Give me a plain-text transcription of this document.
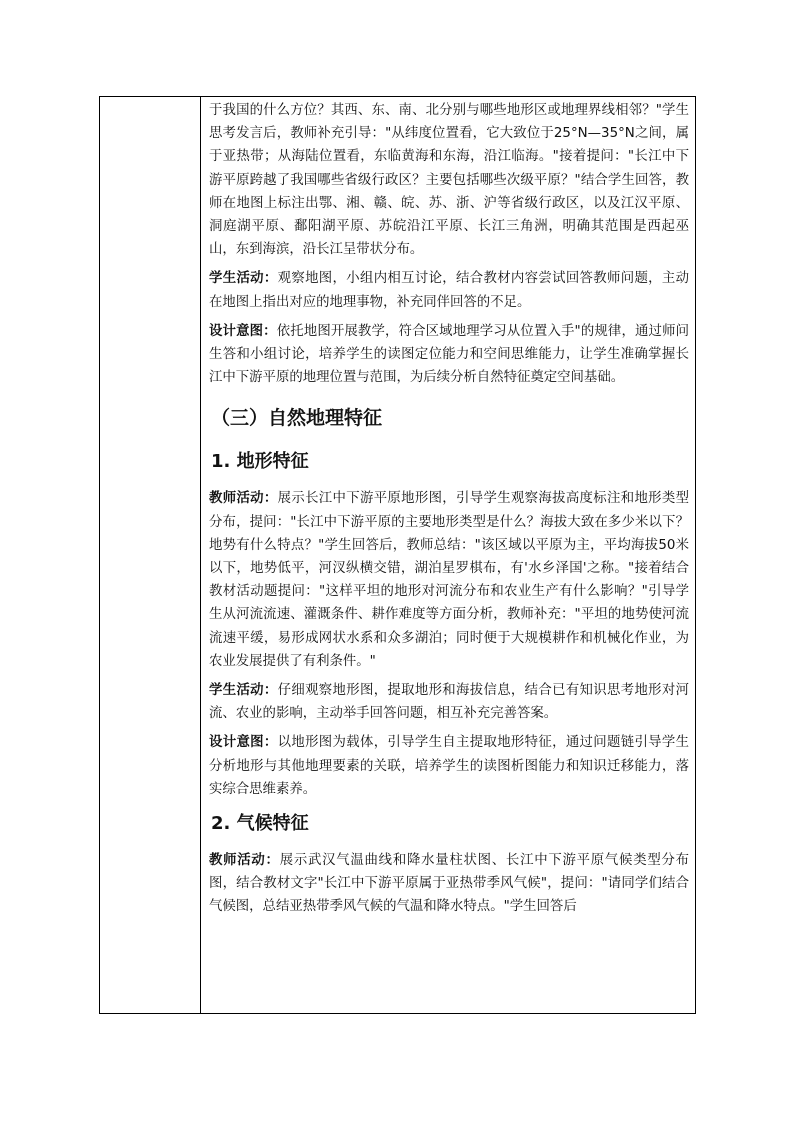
于我国的什么方位？其西、东、南、北分别与哪些地形区或地理界线相邻？"学生思考发言后，教师补充引导："从纬度位置看，它大致位于25°N—35°N之间，属于亚热带；从海陆位置看，东临黄海和东海，沿江临海。"接着提问："长江中下游平原跨越了我国哪些省级行政区？主要包括哪些次级平原？"结合学生回答，教师在地图上标注出鄂、湘、赣、皖、苏、浙、沪等省级行政区，以及江汉平原、洞庭湖平原、鄱阳湖平原、苏皖沿江平原、长江三角洲，明确其范围是西起巫山，东到海滨，沿长江呈带状分布。

学生活动：观察地图，小组内相互讨论，结合教材内容尝试回答教师问题，主动在地图上指出对应的地理事物，补充同伴回答的不足。

设计意图：依托地图开展教学，符合区域地理学习从位置入手"的规律，通过师问生答和小组讨论，培养学生的读图定位能力和空间思维能力，让学生准确掌握长江中下游平原的地理位置与范围，为后续分析自然特征奠定空间基础。

（三）自然地理特征
1. 地形特征

教师活动：展示长江中下游平原地形图，引导学生观察海拔高度标注和地形类型分布，提问："长江中下游平原的主要地形类型是什么？海拔大致在多少米以下？地势有什么特点？"学生回答后，教师总结："该区域以平原为主，平均海拔50米以下，地势低平，河汊纵横交错，湖泊星罗棋布，有'水乡泽国'之称。"接着结合教材活动题提问："这样平坦的地形对河流分布和农业生产有什么影响？"引导学生从河流流速、灌溉条件、耕作难度等方面分析，教师补充："平坦的地势使河流流速平缓，易形成网状水系和众多湖泊；同时便于大规模耕作和机械化作业，为农业发展提供了有利条件。"

学生活动：仔细观察地形图，提取地形和海拔信息，结合已有知识思考地形对河流、农业的影响，主动举手回答问题，相互补充完善答案。

设计意图：以地形图为载体，引导学生自主提取地形特征，通过问题链引导学生分析地形与其他地理要素的关联，培养学生的读图析图能力和知识迁移能力，落实综合思维素养。

2. 气候特征

教师活动：展示武汉气温曲线和降水量柱状图、长江中下游平原气候类型分布图，结合教材文字"长江中下游平原属于亚热带季风气候"，提问："请同学们结合气候图，总结亚热带季风气候的气温和降水特点。"学生回答后
